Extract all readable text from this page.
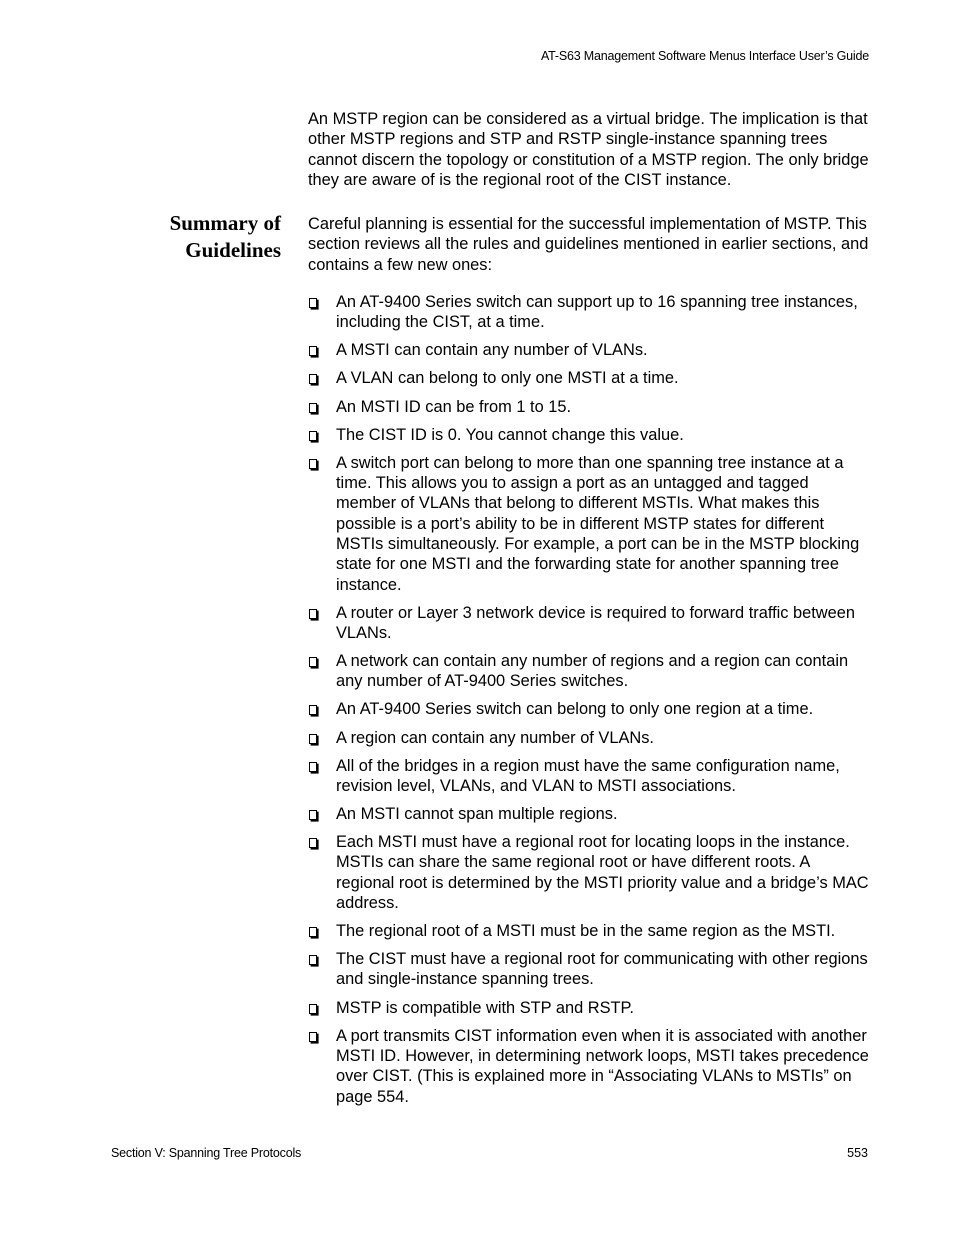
AT-S63 Management Software Menus Interface User’s Guide

An MSTP region can be considered as a virtual bridge. The implication is that other MSTP regions and STP and RSTP single-instance spanning trees cannot discern the topology or constitution of a MSTP region. The only bridge they are aware of is the regional root of the CIST instance.

Summary of
Guidelines

Careful planning is essential for the successful implementation of MSTP. This section reviews all the rules and guidelines mentioned in earlier sections, and contains a few new ones:

An AT-9400 Series switch can support up to 16 spanning tree instances, including the CIST, at a time.
A MSTI can contain any number of VLANs.
A VLAN can belong to only one MSTI at a time.
An MSTI ID can be from 1 to 15.
The CIST ID is 0. You cannot change this value.
A switch port can belong to more than one spanning tree instance at a time. This allows you to assign a port as an untagged and tagged member of VLANs that belong to different MSTIs. What makes this possible is a port’s ability to be in different MSTP states for different MSTIs simultaneously. For example, a port can be in the MSTP blocking state for one MSTI and the forwarding state for another spanning tree instance.
A router or Layer 3 network device is required to forward traffic between VLANs.
A network can contain any number of regions and a region can contain any number of AT-9400 Series switches.
An AT-9400 Series switch can belong to only one region at a time.
A region can contain any number of VLANs.
All of the bridges in a region must have the same configuration name, revision level, VLANs, and VLAN to MSTI associations.
An MSTI cannot span multiple regions.
Each MSTI must have a regional root for locating loops in the instance. MSTIs can share the same regional root or have different roots. A regional root is determined by the MSTI priority value and a bridge’s MAC address.
The regional root of a MSTI must be in the same region as the MSTI.
The CIST must have a regional root for communicating with other regions and single-instance spanning trees.
MSTP is compatible with STP and RSTP.
A port transmits CIST information even when it is associated with another MSTI ID. However, in determining network loops, MSTI takes precedence over CIST. (This is explained more in “Associating VLANs to MSTIs” on page 554.
Section V: Spanning Tree Protocols	553
